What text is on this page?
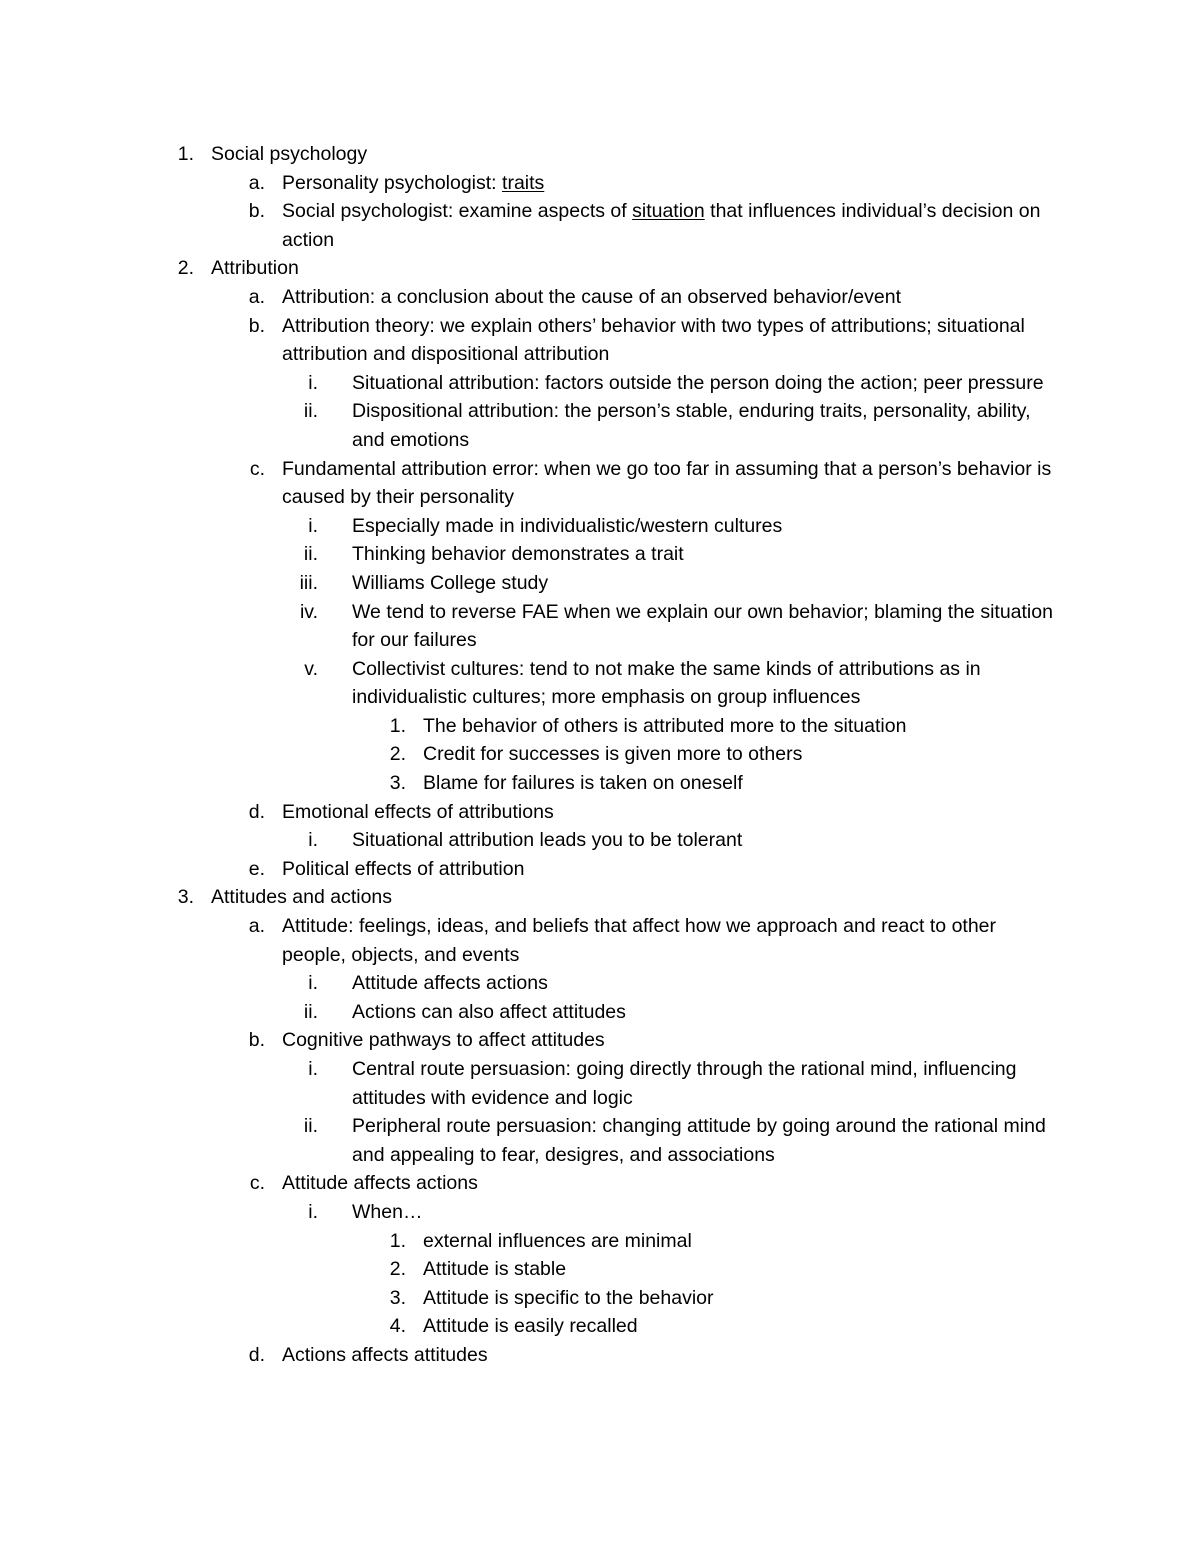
1. Social psychology
a. Personality psychologist: traits
b. Social psychologist: examine aspects of situation that influences individual’s decision on action
2. Attribution
a. Attribution: a conclusion about the cause of an observed behavior/event
b. Attribution theory: we explain others’ behavior with two types of attributions; situational attribution and dispositional attribution
i. Situational attribution: factors outside the person doing the action; peer pressure
ii. Dispositional attribution: the person’s stable, enduring traits, personality, ability, and emotions
c. Fundamental attribution error: when we go too far in assuming that a person’s behavior is caused by their personality
i. Especially made in individualistic/western cultures
ii. Thinking behavior demonstrates a trait
iii. Williams College study
iv. We tend to reverse FAE when we explain our own behavior; blaming the situation for our failures
v. Collectivist cultures: tend to not make the same kinds of attributions as in individualistic cultures; more emphasis on group influences
1. The behavior of others is attributed more to the situation
2. Credit for successes is given more to others
3. Blame for failures is taken on oneself
d. Emotional effects of attributions
i. Situational attribution leads you to be tolerant
e. Political effects of attribution
3. Attitudes and actions
a. Attitude: feelings, ideas, and beliefs that affect how we approach and react to other people, objects, and events
i. Attitude affects actions
ii. Actions can also affect attitudes
b. Cognitive pathways to affect attitudes
i. Central route persuasion: going directly through the rational mind, influencing attitudes with evidence and logic
ii. Peripheral route persuasion: changing attitude by going around the rational mind and appealing to fear, desigres, and associations
c. Attitude affects actions
i. When…
1. external influences are minimal
2. Attitude is stable
3. Attitude is specific to the behavior
4. Attitude is easily recalled
d. Actions affects attitudes
